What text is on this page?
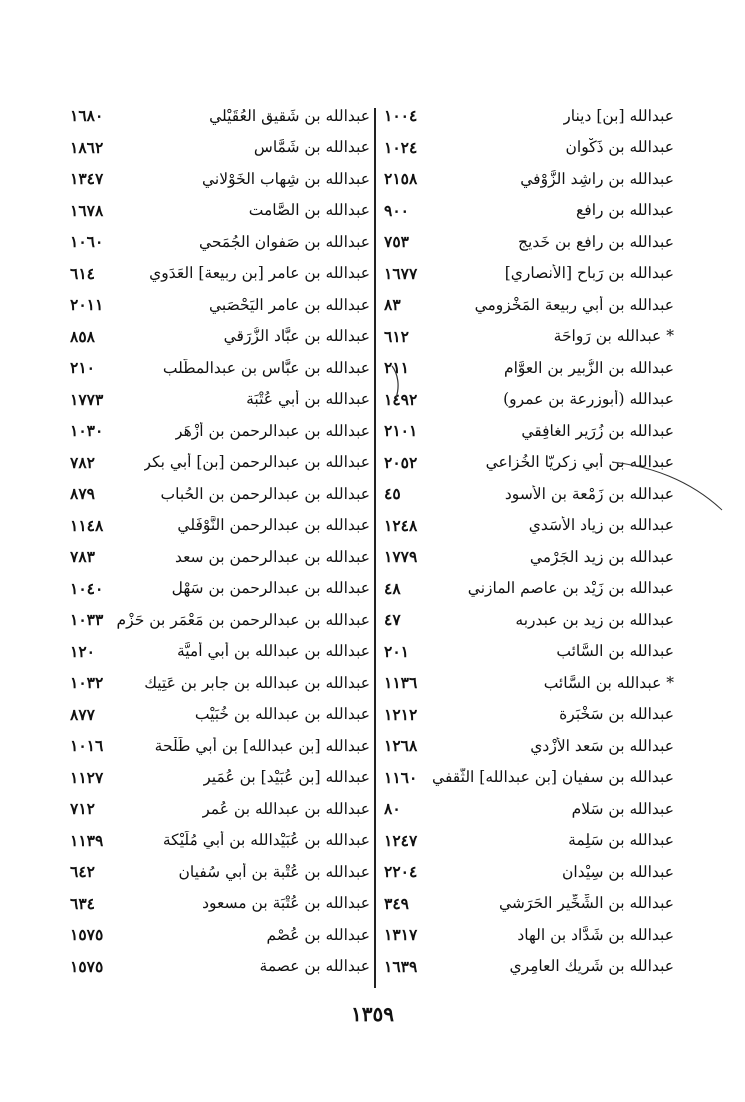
عبدالله [بن] دينار
١٠٠٤
عبدالله بن ذَكْوان
١٠٢٤
عبدالله بن راشِد الزَّوْفي
٢١٥٨
عبدالله بن رافع
٩٠٠
عبدالله بن رافع بن خَديج
٧٥٣
عبدالله بن رَباح [الأنصاري]
١٦٧٧
عبدالله بن أبي ربيعة المَخْزومي
٨٣
* عبدالله بن رَواحَة
٦١٢
عبدالله بن الزُّبير بن العوَّام
٢١١
عبدالله (أبوزرعة بن عمرو)
١٤٩٢
عبدالله بن زُرَير الغافِقي
٢١٠١
عبدالله بن أبي زكريّا الخُزاعي
٢٠٥٢
عبدالله بن زَمْعة بن الأسود
٤٥
عبدالله بن زياد الأسَدي
١٢٤٨
عبدالله بن زيد الجَرْمي
١٧٧٩
عبدالله بن زَيْد بن عاصم المازني
٤٨
عبدالله بن زيد بن عبدربه
٤٧
عبدالله بن السَّائب
٢٠١
* عبدالله بن السَّائب
١١٣٦
عبدالله بن سَخْبَرة
١٢١٢
عبدالله بن سَعد الأزْدي
١٢٦٨
عبدالله بن سفيان [بن عبدالله] الثَّقفي
١١٦٠
عبدالله بن سَلام
٨٠
عبدالله بن سَلِمة
١٢٤٧
عبدالله بن سِيْدان
٢٢٠٤
عبدالله بن الشِّخِّير الحَرَشي
٣٤٩
عبدالله بن شَدَّاد بن الهاد
١٣١٧
عبدالله بن شَريك العامِري
١٦٣٩
عبدالله بن شَقيق العُقَيْلي
١٦٨٠
عبدالله بن شَمَّاس
١٨٦٢
عبدالله بن شِهاب الخَوْلاني
١٣٤٧
عبدالله بن الصَّامت
١٦٧٨
عبدالله بن صَفوان الجُمَحي
١٠٦٠
عبدالله بن عامر [بن ربيعة] العَدَوي
٦١٤
عبدالله بن عامر اليَحْصَبي
٢٠١١
عبدالله بن عبَّاد الزُّرَقي
٨٥٨
عبدالله بن عبَّاس بن عبدالمطَّلب
٢١٠
عبدالله بن أبي عُتْبَة
١٧٧٣
عبدالله بن عبدالرحمن بن أزْهَر
١٠٣٠
عبدالله بن عبدالرحمن [بن] أبي بكر
٧٨٢
عبدالله بن عبدالرحمن بن الحُباب
٨٧٩
عبدالله بن عبدالرحمن النَّوْفَلي
١١٤٨
عبدالله بن عبدالرحمن بن سعد
٧٨٣
عبدالله بن عبدالرحمن بن سَهْل
١٠٤٠
عبدالله بن عبدالرحمن بن مَعْمَر بن حَزْم
١٠٣٣
عبدالله بن عبدالله بن أبي أُميَّة
١٢٠
عبدالله بن عبدالله بن جابر بن عَتِيك
١٠٣٢
عبدالله بن عبدالله بن خُبَيْب
٨٧٧
عبدالله [بن عبدالله] بن أبي طَلْحة
١٠١٦
عبدالله [بن عُبَيْد] بن عُمَير
١١٢٧
عبدالله بن عبدالله بن عُمر
٧١٢
عبدالله بن عُبَيْدالله بن أبي مُلَيْكة
١١٣٩
عبدالله بن عُتْبة بن أبي سُفيان
٦٤٢
عبدالله بن عُتْبَة بن مسعود
٦٣٤
عبدالله بن عُصْم
١٥٧٥
عبدالله بن عصمة
١٥٧٥
١٣٥٩
